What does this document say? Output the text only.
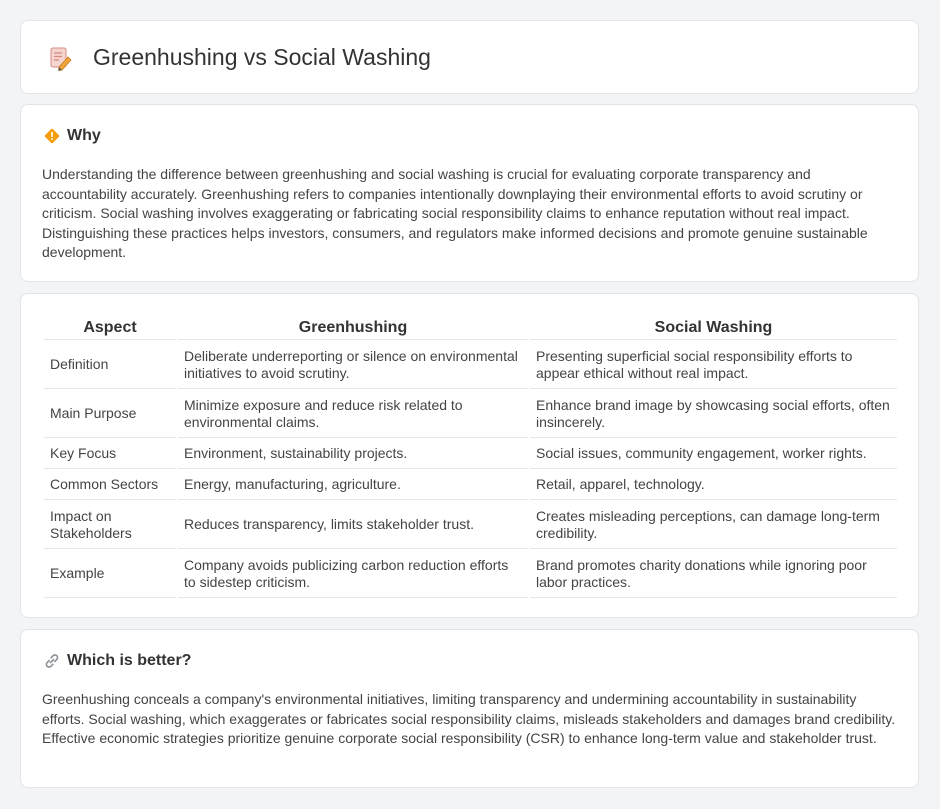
Greenhushing vs Social Washing
Why

Understanding the difference between greenhushing and social washing is crucial for evaluating corporate transparency and accountability accurately. Greenhushing refers to companies intentionally downplaying their environmental efforts to avoid scrutiny or criticism. Social washing involves exaggerating or fabricating social responsibility claims to enhance reputation without real impact. Distinguishing these practices helps investors, consumers, and regulators make informed decisions and promote genuine sustainable development.

Aspect	Greenhushing	Social Washing
Definition	Deliberate underreporting or silence on environmental initiatives to avoid scrutiny.	Presenting superficial social responsibility efforts to appear ethical without real impact.
Main Purpose	Minimize exposure and reduce risk related to environmental claims.	Enhance brand image by showcasing social efforts, often insincerely.
Key Focus	Environment, sustainability projects.	Social issues, community engagement, worker rights.
Common Sectors	Energy, manufacturing, agriculture.	Retail, apparel, technology.
Impact on Stakeholders	Reduces transparency, limits stakeholder trust.	Creates misleading perceptions, can damage long-term credibility.
Example	Company avoids publicizing carbon reduction efforts to sidestep criticism.	Brand promotes charity donations while ignoring poor labor practices.
Which is better?

Greenhushing conceals a company's environmental initiatives, limiting transparency and undermining accountability in sustainability efforts. Social washing, which exaggerates or fabricates social responsibility claims, misleads stakeholders and damages brand credibility. Effective economic strategies prioritize genuine corporate social responsibility (CSR) to enhance long-term value and stakeholder trust.
